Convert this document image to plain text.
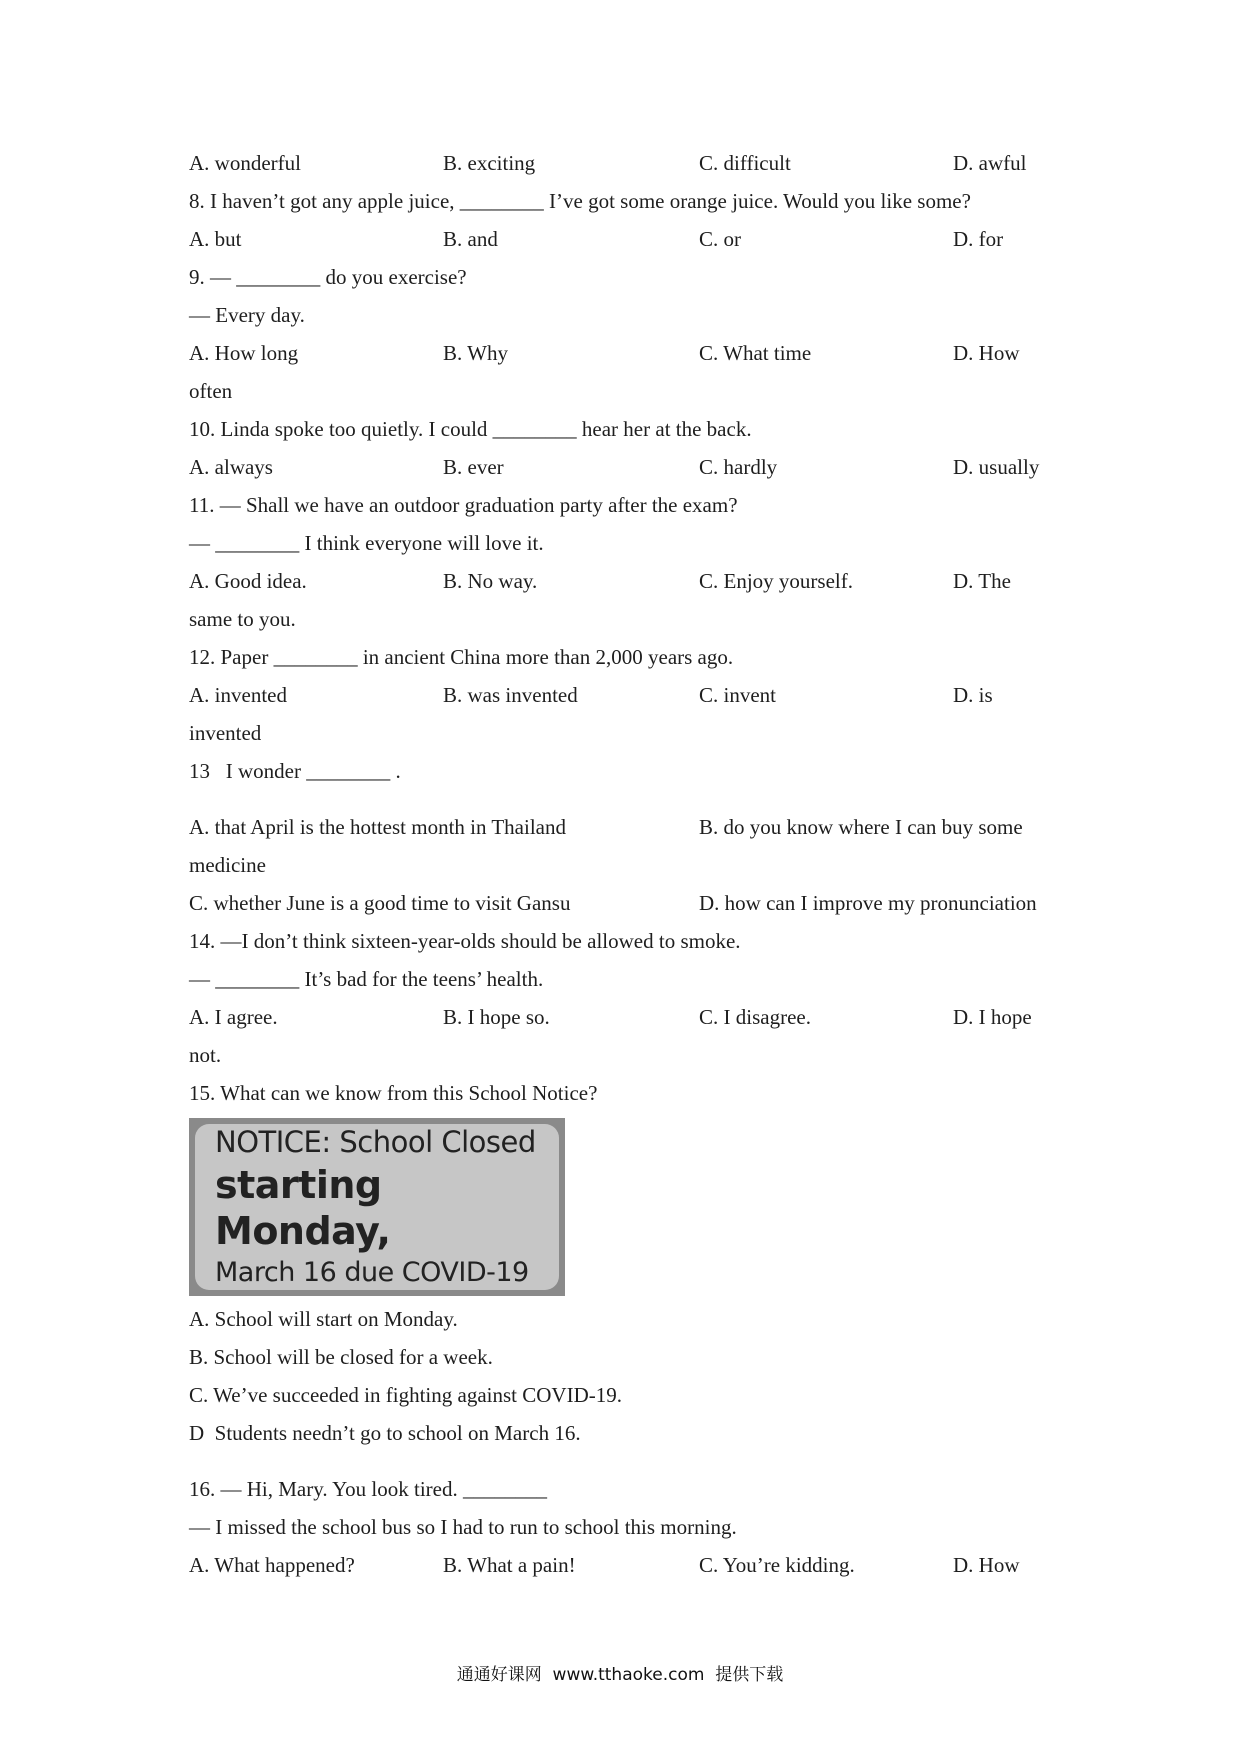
A. wonderful	B. exciting	C. difficult	D. awful
8. I haven’t got any apple juice, ________ I’ve got some orange juice. Would you like some?
A. but	B. and	C. or	D. for
9. — ________ do you exercise?
— Every day.
A. How long	B. Why	C. What time	D. How
often
10. Linda spoke too quietly. I could ________ hear her at the back.
A. always	B. ever	C. hardly	D. usually
11. — Shall we have an outdoor graduation party after the exam?
— ________ I think everyone will love it.
A. Good idea.	B. No way.	C. Enjoy yourself.	D. The
same to you.
12. Paper ________ in ancient China more than 2,000 years ago.
A. invented	B. was invented	C. invent	D. is
invented
13   I wonder ________ .
A. that April is the hottest month in Thailand	B. do you know where I can buy some
medicine
C. whether June is a good time to visit Gansu	D. how can I improve my pronunciation
14. —I don’t think sixteen-year-olds should be allowed to smoke.
— ________ It’s bad for the teens’ health.
A. I agree.	B. I hope so.	C. I disagree.	D. I hope
not.
15. What can we know from this School Notice?
NOTICE: School Closed
starting Monday,
March 16 due COVID-19
A. School will start on Monday.
B. School will be closed for a week.
C. We’ve succeeded in fighting against COVID-19.
D  Students needn’t go to school on March 16.
16. — Hi, Mary. You look tired. ________
— I missed the school bus so I had to run to school this morning.
A. What happened?	B. What a pain!	C. You’re kidding.	D. How
通通好课网  www.tthaoke.com  提供下载
